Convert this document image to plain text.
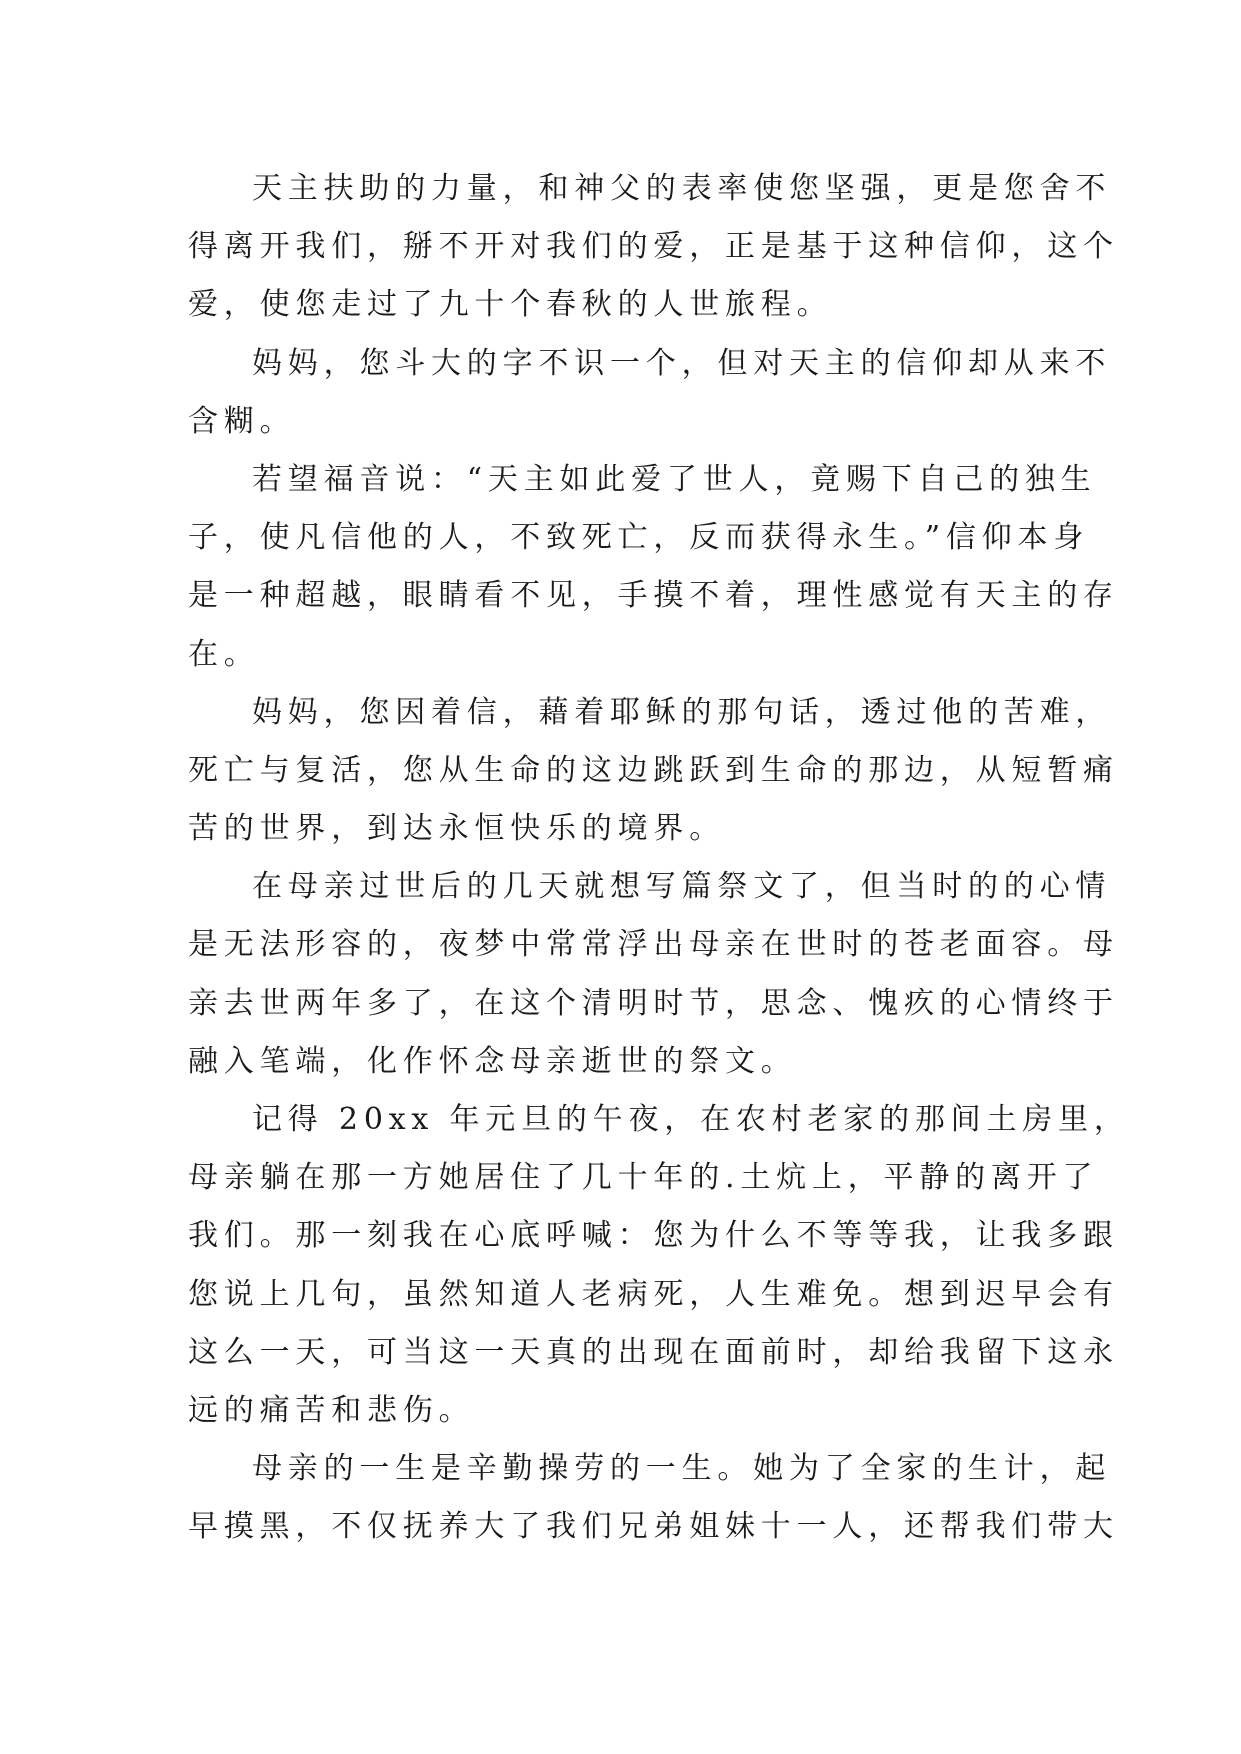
天主扶助的力量，和神父的表率使您坚强，更是您舍不
得离开我们，掰不开对我们的爱，正是基于这种信仰，这个
爱，使您走过了九十个春秋的人世旅程。
妈妈，您斗大的字不识一个，但对天主的信仰却从来不
含糊。
若望福音说：“天主如此爱了世人，竟赐下自己的独生
子，使凡信他的人，不致死亡，反而获得永生。”信仰本身
是一种超越，眼睛看不见，手摸不着，理性感觉有天主的存
在。
妈妈，您因着信，藉着耶稣的那句话，透过他的苦难，
死亡与复活，您从生命的这边跳跃到生命的那边，从短暂痛
苦的世界，到达永恒快乐的境界。
在母亲过世后的几天就想写篇祭文了，但当时的的心情
是无法形容的，夜梦中常常浮出母亲在世时的苍老面容。母
亲去世两年多了，在这个清明时节，思念、愧疚的心情终于
融入笔端，化作怀念母亲逝世的祭文。
记得 20xx 年元旦的午夜，在农村老家的那间土房里，
母亲躺在那一方她居住了几十年的.土炕上，平静的离开了
我们。那一刻我在心底呼喊：您为什么不等等我，让我多跟
您说上几句，虽然知道人老病死，人生难免。想到迟早会有
这么一天，可当这一天真的出现在面前时，却给我留下这永
远的痛苦和悲伤。
母亲的一生是辛勤操劳的一生。她为了全家的生计，起
早摸黑，不仅抚养大了我们兄弟姐妹十一人，还帮我们带大
